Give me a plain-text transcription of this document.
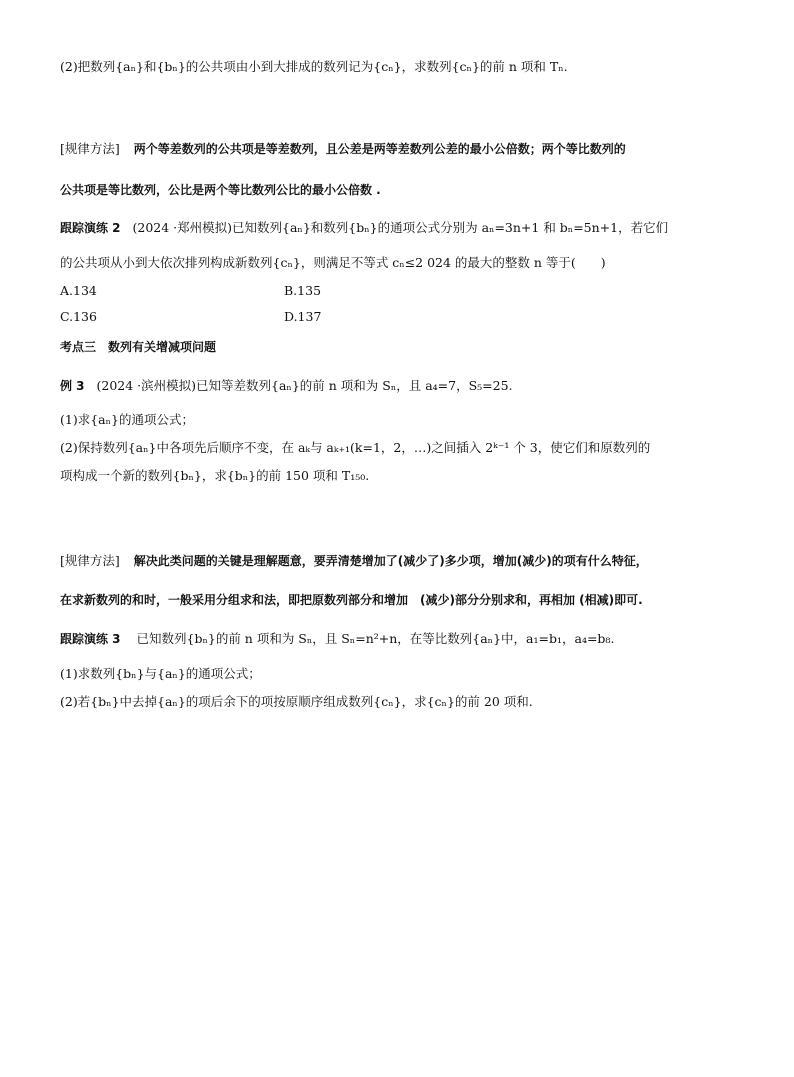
(2)把数列{aₙ}和{bₙ}的公共项由小到大排成的数列记为{cₙ}，求数列{cₙ}的前 n 项和 Tₙ.
[规律方法] 两个等差数列的公共项是等差数列，且公差是两等差数列公差的最小公倍数；两个等比数列的
公共项是等比数列，公比是两个等比数列公比的最小公倍数 .
跟踪演练 2 (2024 ·郑州模拟)已知数列{aₙ}和数列{bₙ}的通项公式分别为 aₙ=3n+1 和 bₙ=5n+1，若它们
的公共项从小到大依次排列构成新数列{cₙ}，则满足不等式 cₙ≤2 024 的最大的整数 n 等于(　　)
A.134	B.135
C.136	D.137
考点三　数列有关增减项问题
例 3 (2024 ·滨州模拟)已知等差数列{aₙ}的前 n 项和为 Sₙ，且 a₄=7，S₅=25.
(1)求{aₙ}的通项公式；
(2)保持数列{aₙ}中各项先后顺序不变，在 aₖ与 aₖ₊₁(k=1，2，…)之间插入 2ᵏ⁻¹ 个 3，使它们和原数列的
项构成一个新的数列{bₙ}，求{bₙ}的前 150 项和 T₁₅₀.
[规律方法] 解决此类问题的关键是理解题意，要弄清楚增加了(减少了)多少项，增加(减少)的项有什么特征，
在求新数列的和时，一般采用分组求和法，即把原数列部分和增加　(减少)部分分别求和，再相加 (相减)即可.
跟踪演练 3 已知数列{bₙ}的前 n 项和为 Sₙ，且 Sₙ=n²+n，在等比数列{aₙ}中，a₁=b₁，a₄=b₈.
(1)求数列{bₙ}与{aₙ}的通项公式；
(2)若{bₙ}中去掉{aₙ}的项后余下的项按原顺序组成数列{cₙ}，求{cₙ}的前 20 项和.
